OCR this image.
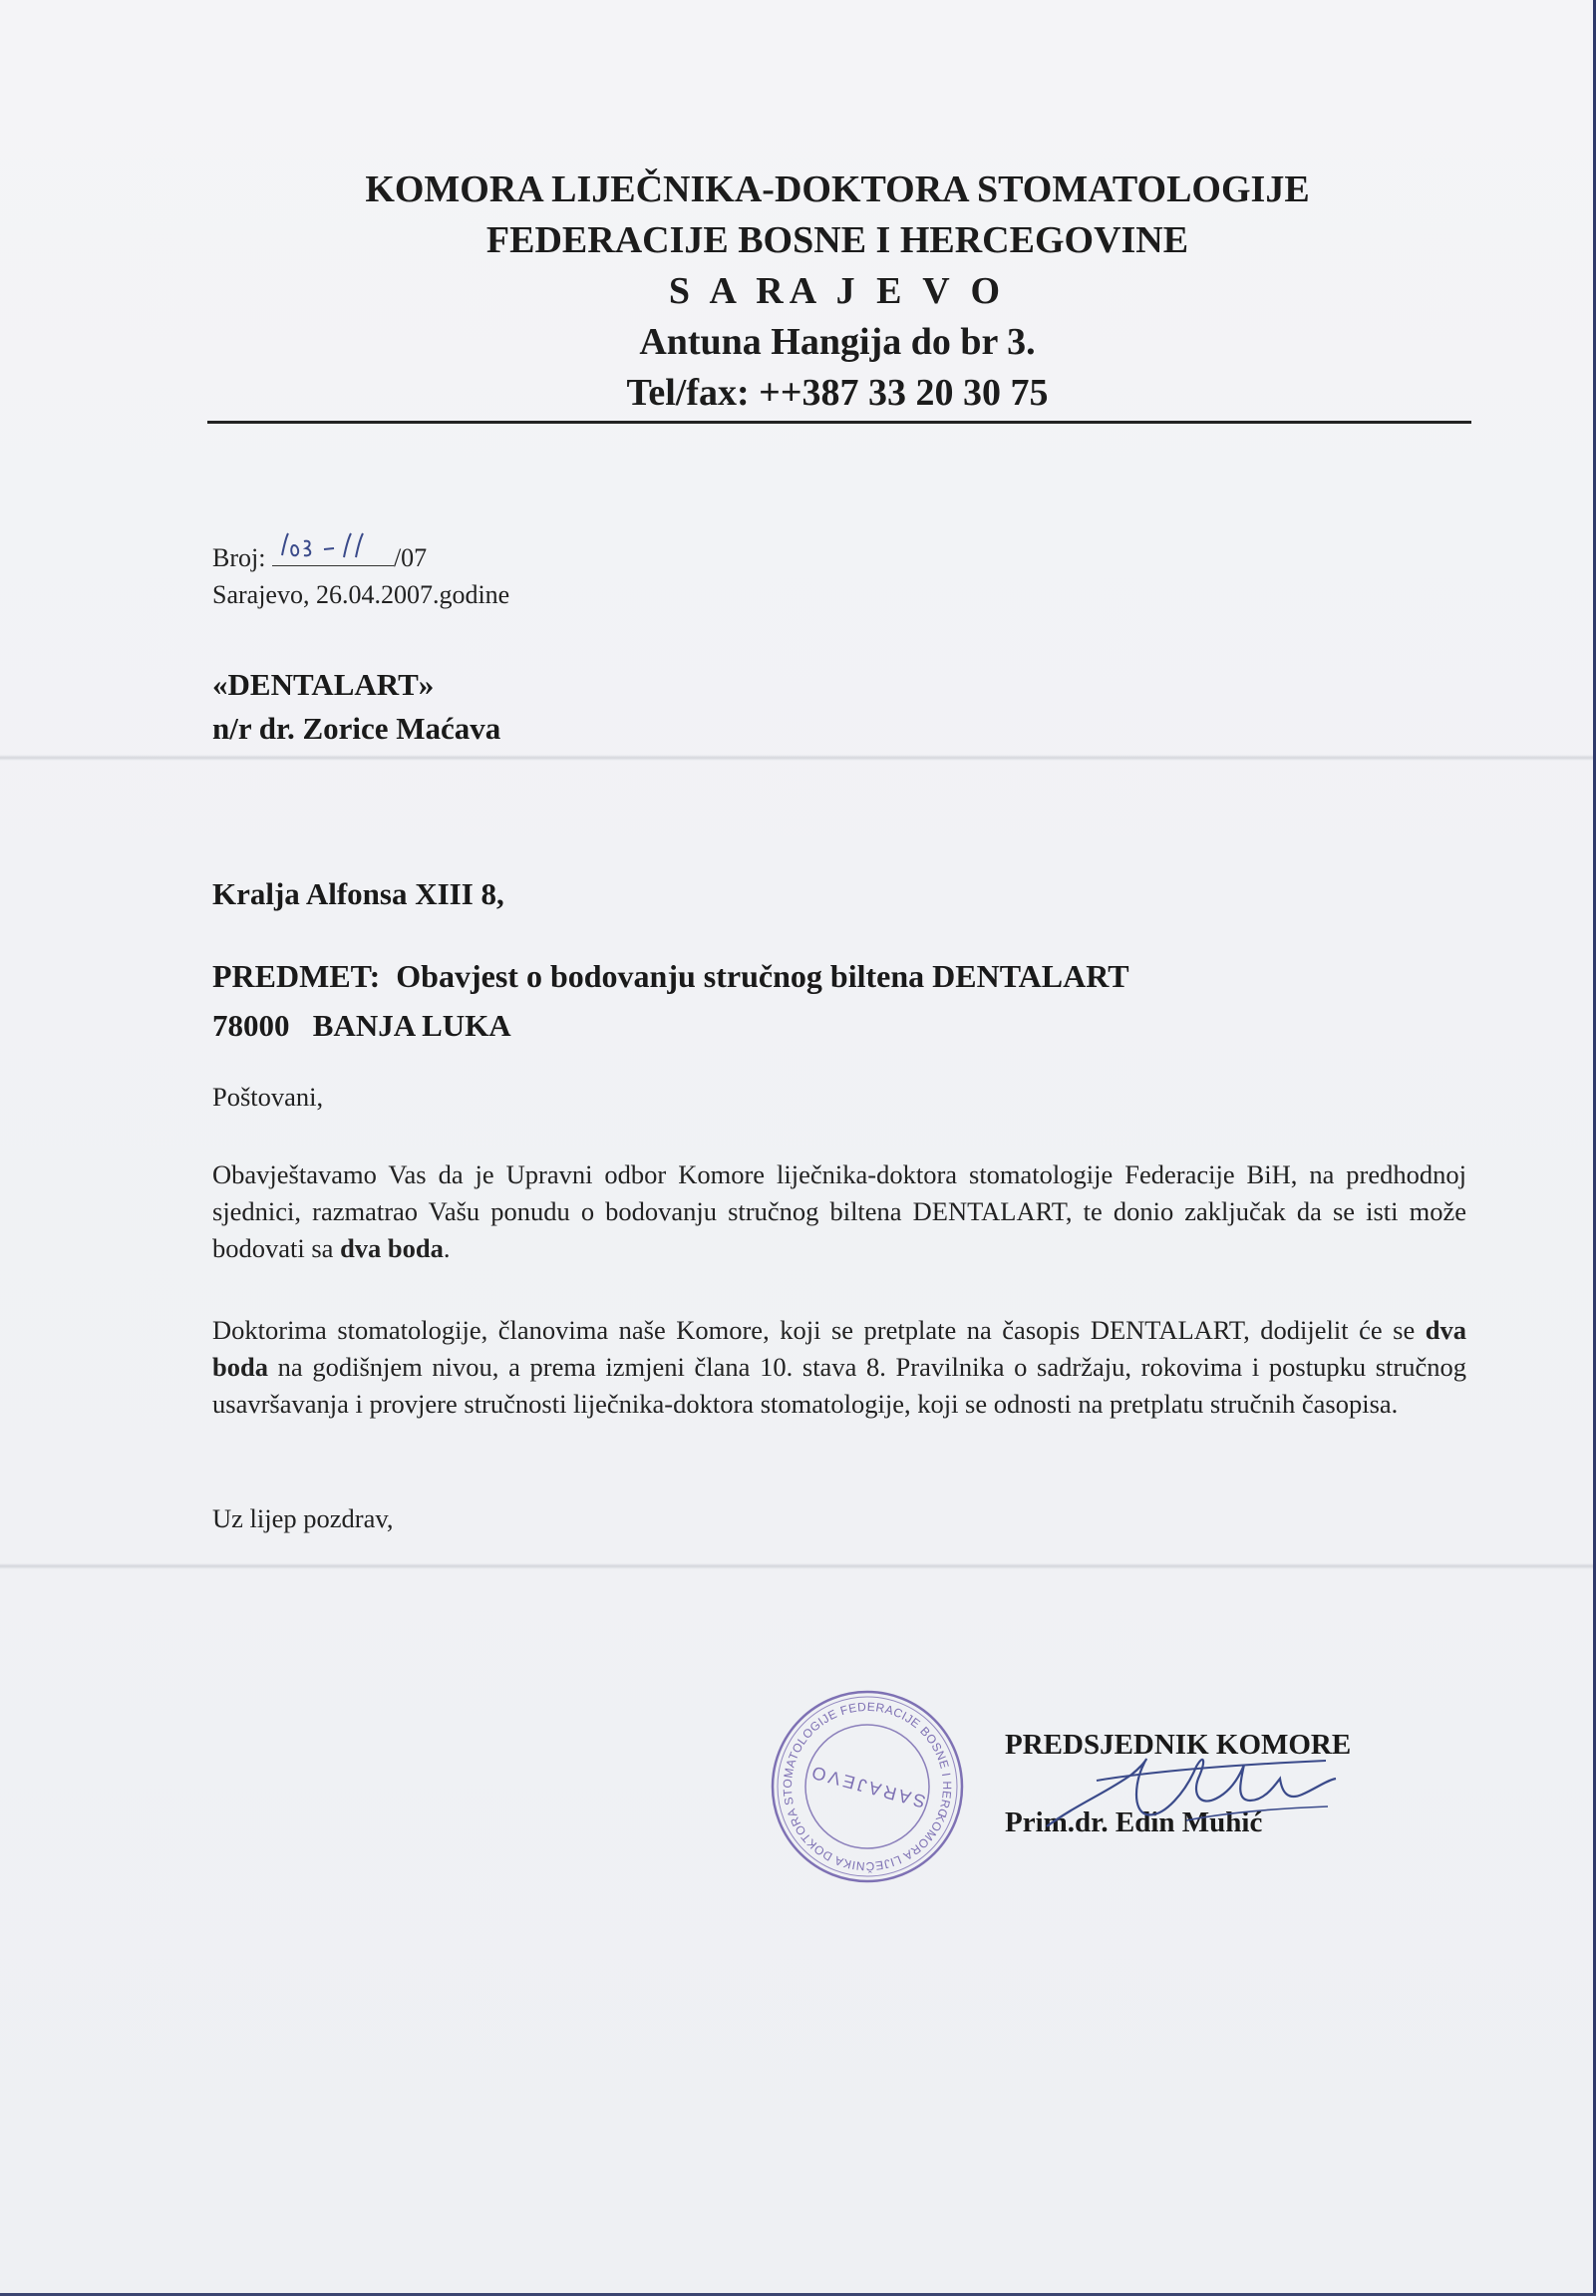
KOMORA LIJEČNIKA-DOKTORA STOMATOLOGIJE
FEDERACIJE BOSNE I HERCEGOVINE
S A RA J E V O
Antuna Hangija do br 3.
Tel/fax: ++387 33 20 30 75
Broj:	/07
Sarajevo, 26.04.2007.godine
«DENTALART»
n/r dr. Zorice Maćava

Kralja Alfonsa XIII 8,

78000   BANJA LUKA

PREDMET:  Obavjest o bodovanju stručnog biltena DENTALART
Poštovani,
Obavještavamo Vas da je Upravni odbor Komore liječnika-doktora stomatologije Federacije BiH, na predhodnoj sjednici, razmatrao Vašu ponudu o bodovanju stručnog biltena DENTALART, te donio zaključak da se isti može bodovati sa dva boda.
Doktorima stomatologije, članovima naše Komore, koji se pretplate na časopis DENTALART, dodijelit će se dva boda na godišnjem nivou, a prema izmjeni člana 10. stava 8. Pravilnika o sadržaju, rokovima i postupku stručnog usavršavanja i provjere stručnosti liječnika-doktora stomatologije, koji se odnosti na pretplatu stručnih časopisa.
Uz lijep pozdrav,
KOMORA LIJEČNIKA DOKTORA STOMATOLOGIJE FEDERACIJE BOSNE I HERCEGOVINE
SARAJEVO
PREDSJEDNIK KOMORE
Prim.dr. Edin Muhić
